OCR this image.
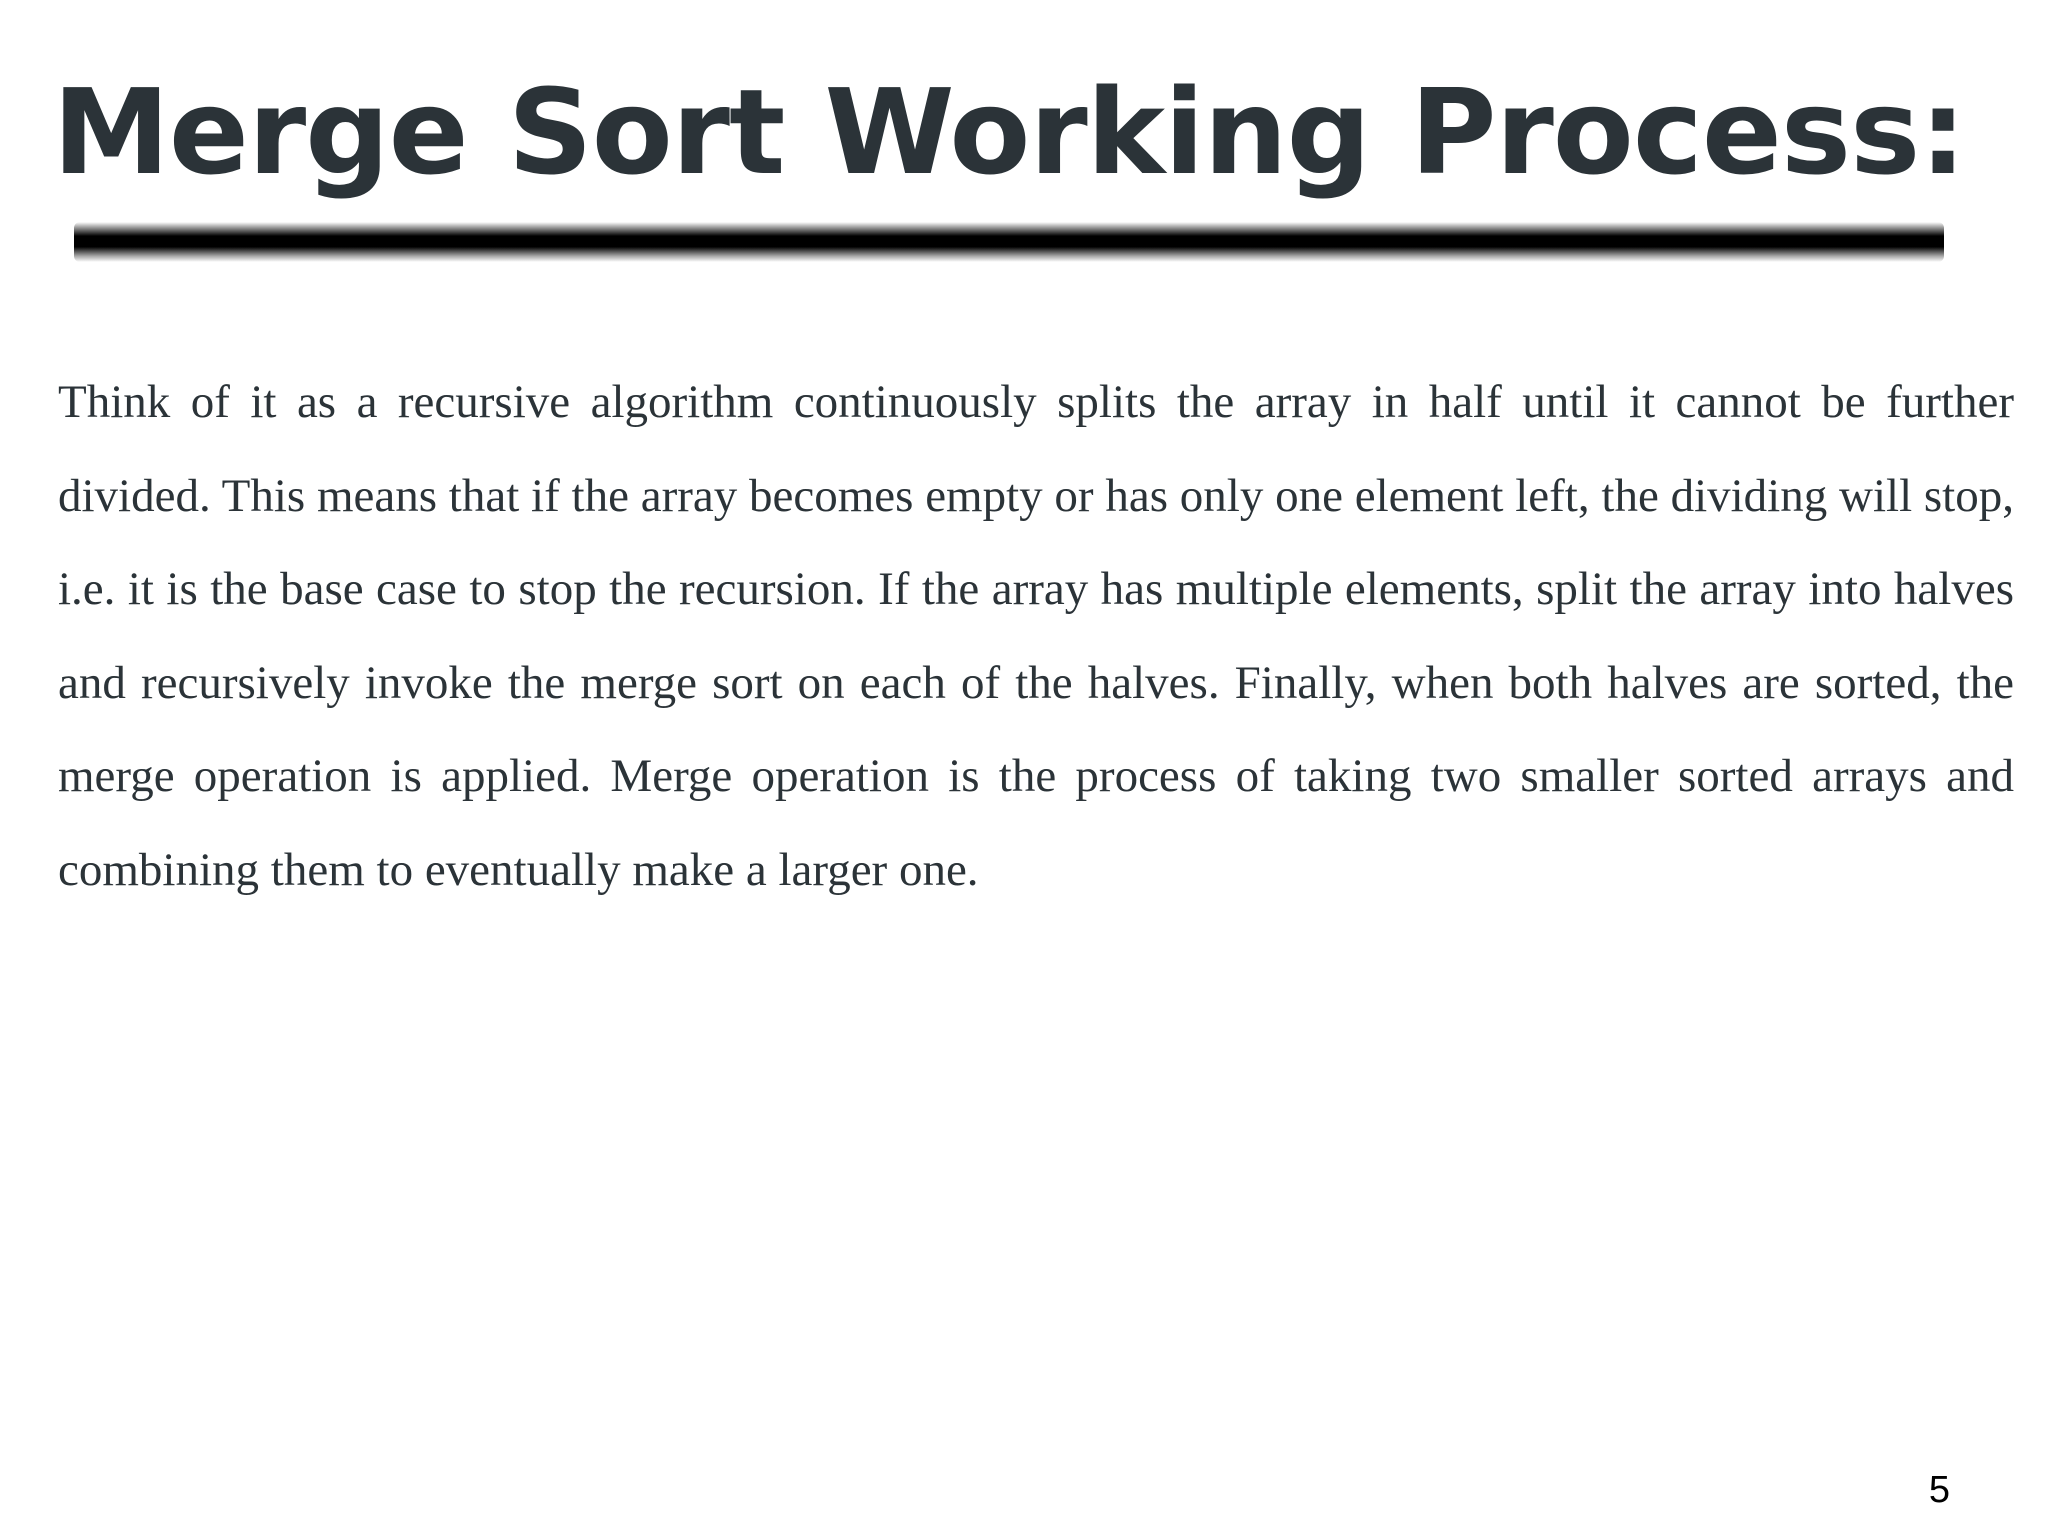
Merge Sort Working Process:

Think of it as a recursive algorithm continuously splits the array in half until it cannot be further divided. This means that if the array becomes empty or has only one element left, the dividing will stop, i.e. it is the base case to stop the recursion. If the array has multiple elements, split the array into halves and recursively invoke the merge sort on each of the halves. Finally, when both halves are sorted, the merge operation is applied. Merge operation is the process of taking two smaller sorted arrays and combining them to eventually make a larger one.

5
